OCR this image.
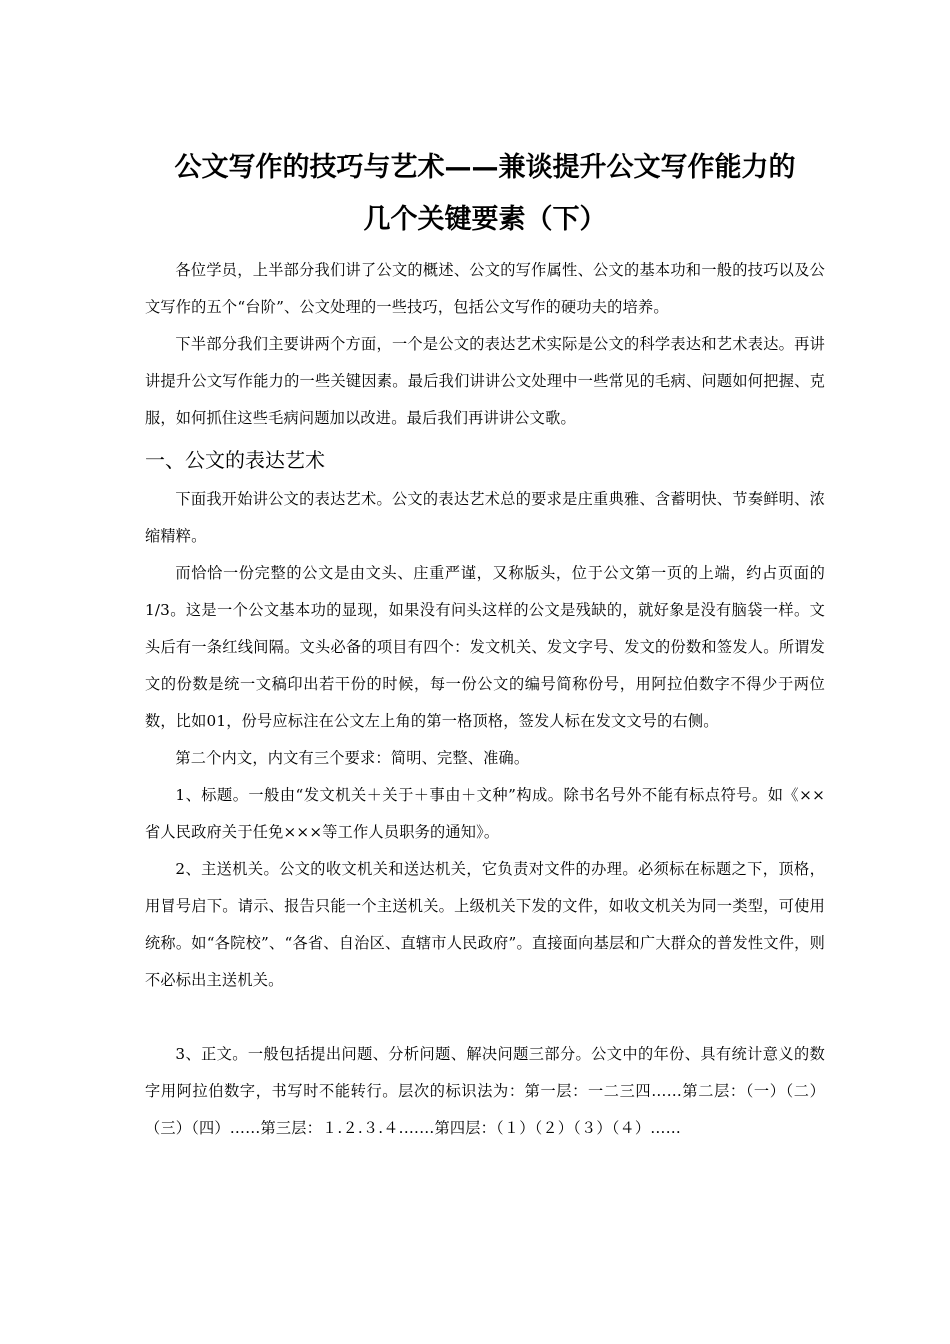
公文写作的技巧与艺术——兼谈提升公文写作能力的
几个关键要素（下）

各位学员，上半部分我们讲了公文的概述、公文的写作属性、公文的基本功和一般的技巧以及公文写作的五个“台阶”、公文处理的一些技巧，包括公文写作的硬功夫的培养。

下半部分我们主要讲两个方面，一个是公文的表达艺术实际是公文的科学表达和艺术表达。再讲讲提升公文写作能力的一些关键因素。最后我们讲讲公文处理中一些常见的毛病、问题如何把握、克服，如何抓住这些毛病问题加以改进。最后我们再讲讲公文歌。

一、公文的表达艺术

下面我开始讲公文的表达艺术。公文的表达艺术总的要求是庄重典雅、含蓄明快、节奏鲜明、浓缩精粹。

而恰恰一份完整的公文是由文头、庄重严谨，又称版头，位于公文第一页的上端，约占页面的1/3。这是一个公文基本功的显现，如果没有问头这样的公文是残缺的，就好象是没有脑袋一样。文头后有一条红线间隔。文头必备的项目有四个：发文机关、发文字号、发文的份数和签发人。所谓发文的份数是统一文稿印出若干份的时候，每一份公文的编号简称份号，用阿拉伯数字不得少于两位数，比如01，份号应标注在公文左上角的第一格顶格，签发人标在发文文号的右侧。

第二个内文，内文有三个要求：简明、完整、准确。

1、标题。一般由“发文机关＋关于＋事由＋文种”构成。除书名号外不能有标点符号。如《××省人民政府关于任免×××等工作人员职务的通知》。

2、主送机关。公文的收文机关和送达机关，它负责对文件的办理。必须标在标题之下，顶格，用冒号启下。请示、报告只能一个主送机关。上级机关下发的文件，如收文机关为同一类型，可使用统称。如“各院校”、“各省、自治区、直辖市人民政府”。直接面向基层和广大群众的普发性文件，则不必标出主送机关。

3、正文。一般包括提出问题、分析问题、解决问题三部分。公文中的年份、具有统计意义的数字用阿拉伯数字，书写时不能转行。层次的标识法为：第一层：一二三四……第二层：（一）（二）（三）（四）……第三层：１.２.３.４.……第四层：（１）（２）（３）（４）……
